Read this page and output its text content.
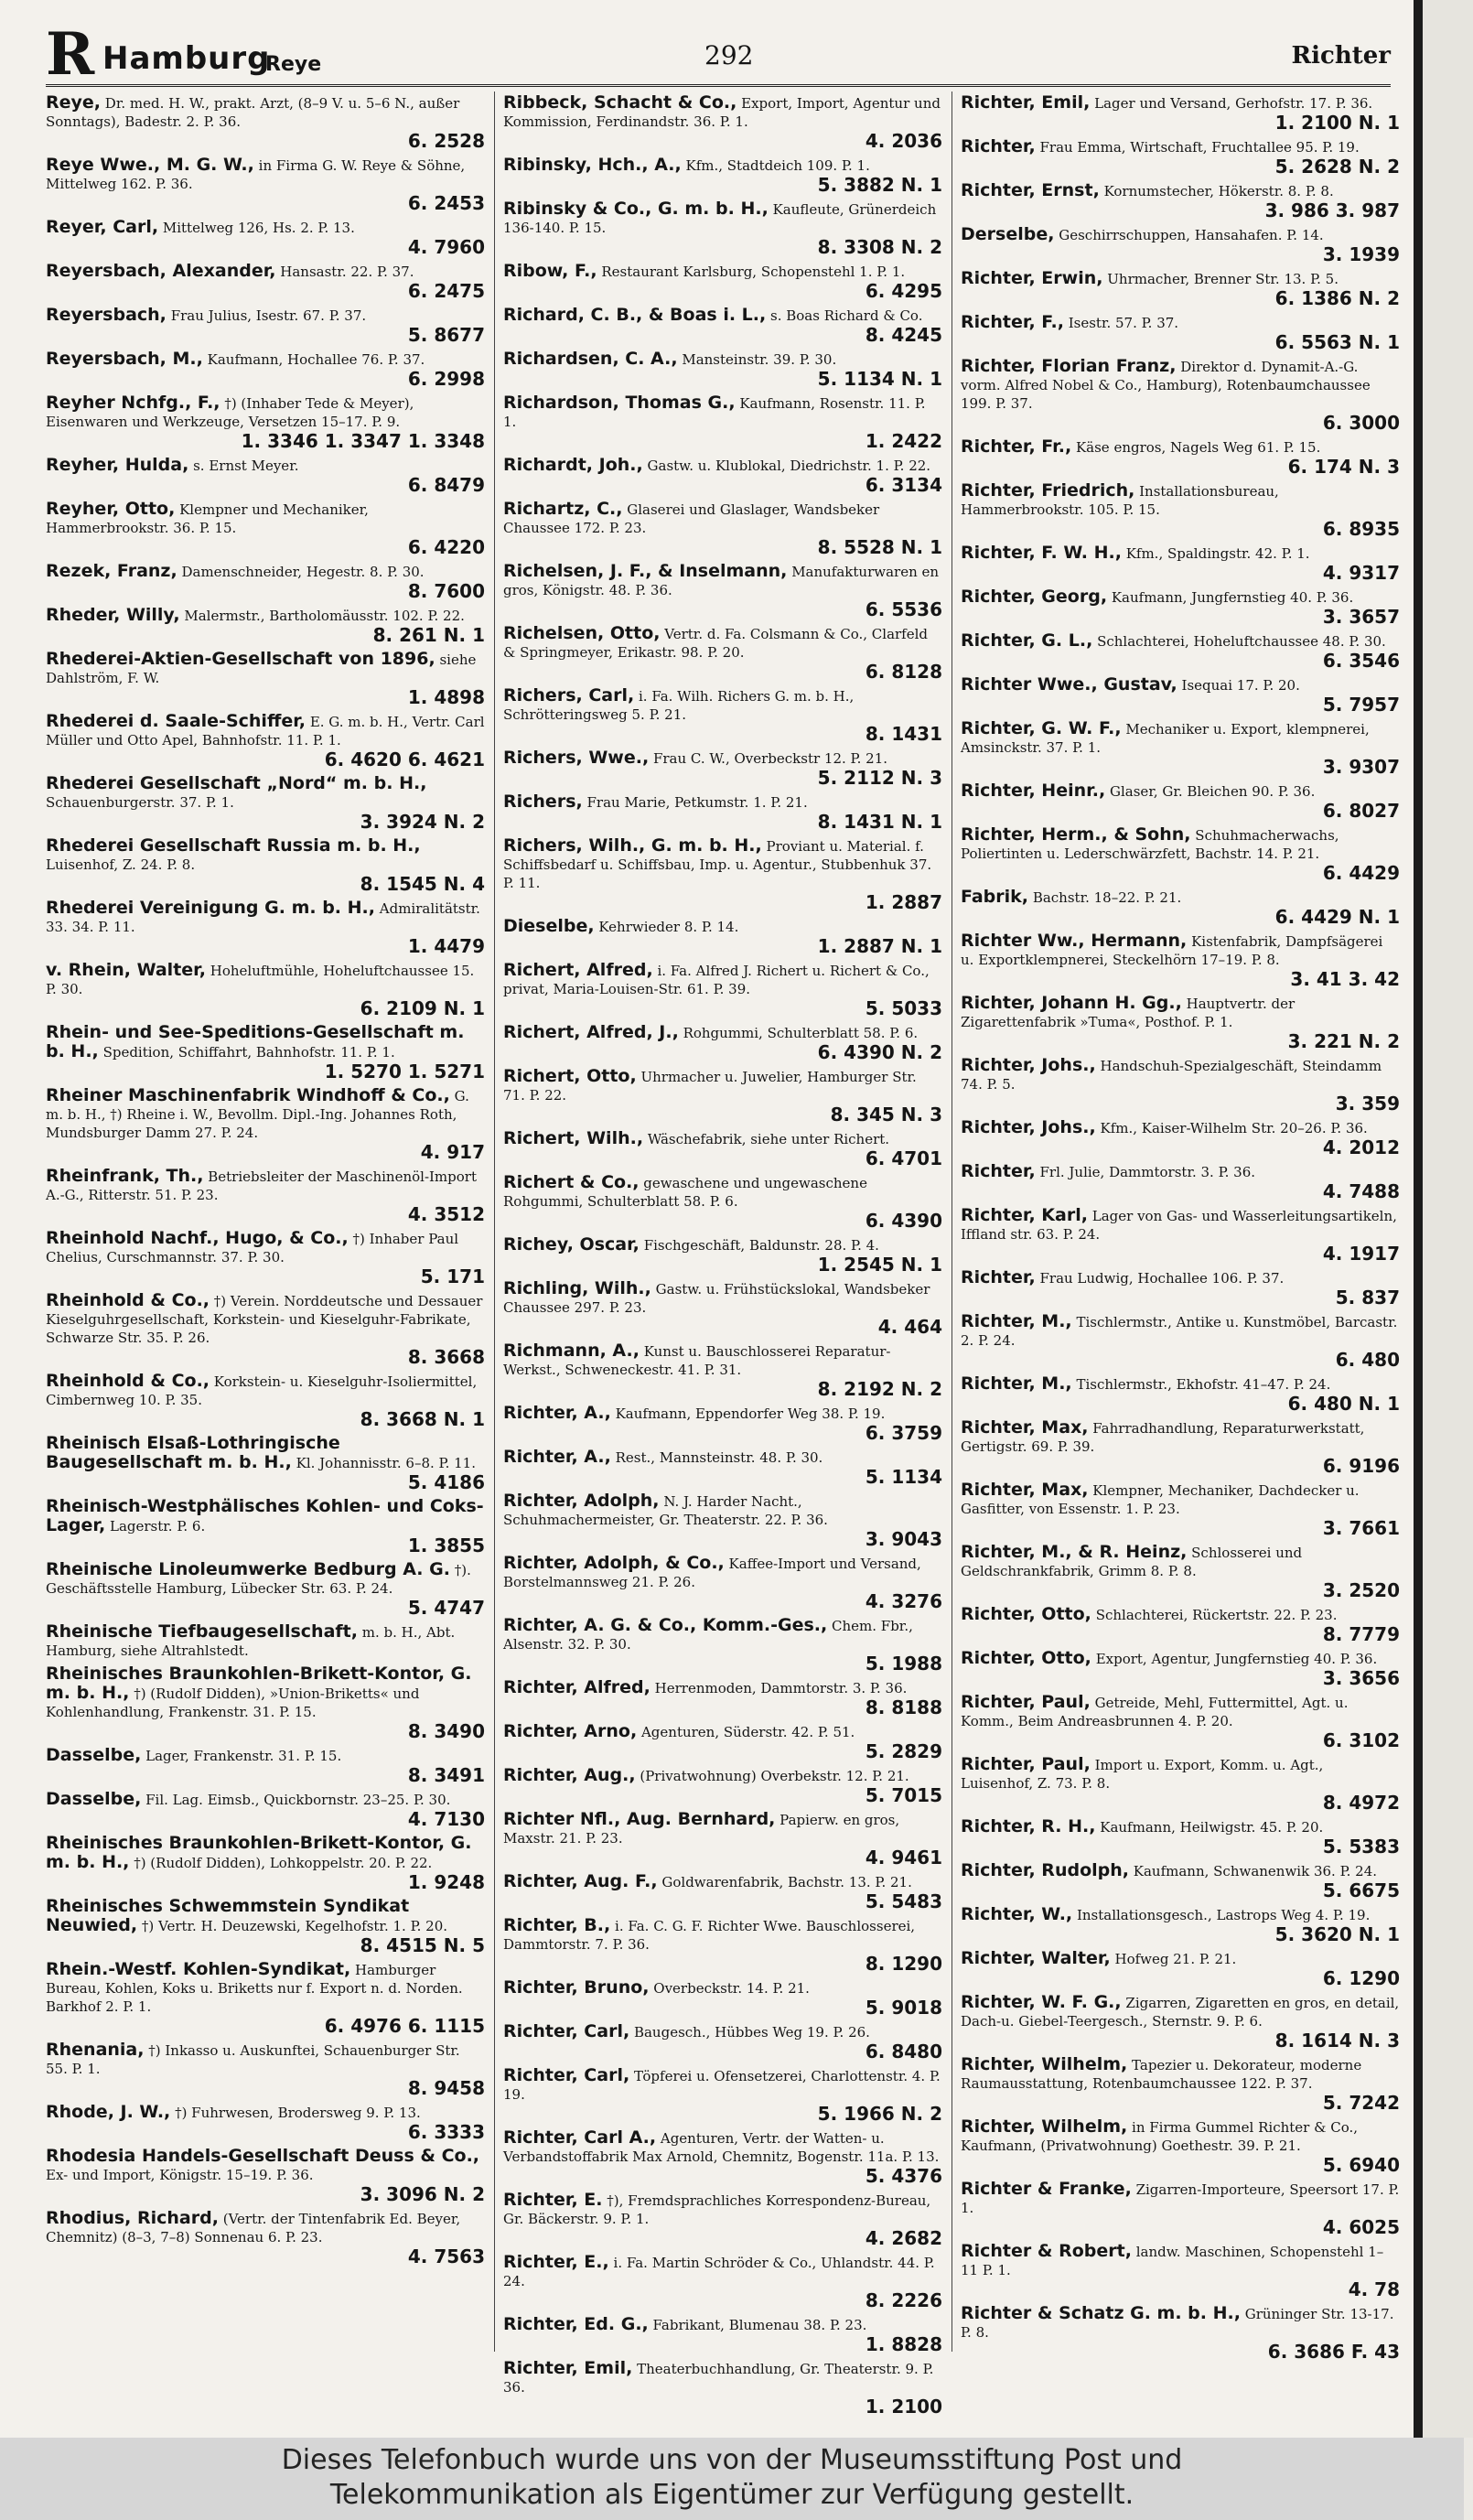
R Hamburg
Reye	292	Richter
Reye, Dr. med. H. W., prakt. Arzt, (8–9 V. u. 5–6 N., außer Sonntags), Badestr. 2. P. 36.
6. 2528
Reye Wwe., M. G. W., in Firma G. W. Reye & Söhne, Mittelweg 162. P. 36.
6. 2453
Reyer, Carl, Mittelweg 126, Hs. 2. P. 13.
4. 7960
Reyersbach, Alexander, Hansastr. 22. P. 37.
6. 2475
Reyersbach, Frau Julius, Isestr. 67. P. 37.
5. 8677
Reyersbach, M., Kaufmann, Hochallee 76. P. 37.
6. 2998
Reyher Nchfg., F., †) (Inhaber Tede & Meyer), Eisenwaren und Werkzeuge, Versetzen 15–17. P. 9.
1. 3346 1. 3347 1. 3348
Reyher, Hulda, s. Ernst Meyer.
6. 8479
Reyher, Otto, Klempner und Mechaniker, Hammerbrookstr. 36. P. 15.
6. 4220
Rezek, Franz, Damenschneider, Hegestr. 8. P. 30.
8. 7600
Rheder, Willy, Malermstr., Bartholomäusstr. 102. P. 22.
8. 261 N. 1
Rhederei-Aktien-Gesellschaft von 1896, siehe Dahlström, F. W.
1. 4898
Rhederei d. Saale-Schiffer, E. G. m. b. H., Vertr. Carl Müller und Otto Apel, Bahnhofstr. 11. P. 1.
6. 4620 6. 4621
Rhederei Gesellschaft „Nord“ m. b. H., Schauenburgerstr. 37. P. 1.
3. 3924 N. 2
Rhederei Gesellschaft Russia m. b. H., Luisenhof, Z. 24. P. 8.
8. 1545 N. 4
Rhederei Vereinigung G. m. b. H., Admiralitätstr. 33. 34. P. 11.
1. 4479
v. Rhein, Walter, Hoheluftmühle, Hoheluftchaussee 15. P. 30.
6. 2109 N. 1
Rhein- und See-Speditions-Gesellschaft m. b. H., Spedition, Schiffahrt, Bahnhofstr. 11. P. 1.
1. 5270 1. 5271
Rheiner Maschinenfabrik Windhoff & Co., G. m. b. H., †) Rheine i. W., Bevollm. Dipl.-Ing. Johannes Roth, Mundsburger Damm 27. P. 24.
4. 917
Rheinfrank, Th., Betriebsleiter der Maschinenöl-Import A.-G., Ritterstr. 51. P. 23.
4. 3512
Rheinhold Nachf., Hugo, & Co., †) Inhaber Paul Chelius, Curschmannstr. 37. P. 30.
5. 171
Rheinhold & Co., †) Verein. Norddeutsche und Dessauer Kieselguhrgesellschaft, Korkstein- und Kieselguhr-Fabrikate, Schwarze Str. 35. P. 26.
8. 3668
Rheinhold & Co., Korkstein- u. Kieselguhr-Isoliermittel, Cimbernweg 10. P. 35.
8. 3668 N. 1
Rheinisch Elsaß-Lothringische Baugesellschaft m. b. H., Kl. Johannisstr. 6–8. P. 11.
5. 4186
Rheinisch-Westphälisches Kohlen- und Coks-Lager, Lagerstr. P. 6.
1. 3855
Rheinische Linoleumwerke Bedburg A. G. †). Geschäftsstelle Hamburg, Lübecker Str. 63. P. 24.
5. 4747
Rheinische Tiefbaugesellschaft, m. b. H., Abt. Hamburg, siehe Altrahlstedt.
Rheinisches Braunkohlen-Brikett-Kontor, G. m. b. H., †) (Rudolf Didden), »Union-Briketts« und Kohlenhandlung, Frankenstr. 31. P. 15.
8. 3490
Dasselbe, Lager, Frankenstr. 31. P. 15.
8. 3491
Dasselbe, Fil. Lag. Eimsb., Quickbornstr. 23–25. P. 30.
4. 7130
Rheinisches Braunkohlen-Brikett-Kontor, G. m. b. H., †) (Rudolf Didden), Lohkoppelstr. 20. P. 22.
1. 9248
Rheinisches Schwemmstein Syndikat Neuwied, †) Vertr. H. Deuzewski, Kegelhofstr. 1. P. 20.
8. 4515 N. 5
Rhein.-Westf. Kohlen-Syndikat, Hamburger Bureau, Kohlen, Koks u. Briketts nur f. Export n. d. Norden. Barkhof 2. P. 1.
6. 4976 6. 1115
Rhenania, †) Inkasso u. Auskunftei, Schauenburger Str. 55. P. 1.
8. 9458
Rhode, J. W., †) Fuhrwesen, Brodersweg 9. P. 13.
6. 3333
Rhodesia Handels-Gesellschaft Deuss & Co., Ex- und Import, Königstr. 15–19. P. 36.
3. 3096 N. 2
Rhodius, Richard, (Vertr. der Tintenfabrik Ed. Beyer, Chemnitz) (8–3, 7–8) Sonnenau 6. P. 23.
4. 7563
Ribbeck, Schacht & Co., Export, Import, Agentur und Kommission, Ferdinandstr. 36. P. 1.
4. 2036
Ribinsky, Hch., A., Kfm., Stadtdeich 109. P. 1.
5. 3882 N. 1
Ribinsky & Co., G. m. b. H., Kaufleute, Grünerdeich 136-140. P. 15.
8. 3308 N. 2
Ribow, F., Restaurant Karlsburg, Schopenstehl 1. P. 1.
6. 4295
Richard, C. B., & Boas i. L., s. Boas Richard & Co.
8. 4245
Richardsen, C. A., Mansteinstr. 39. P. 30.
5. 1134 N. 1
Richardson, Thomas G., Kaufmann, Rosenstr. 11. P. 1.
1. 2422
Richardt, Joh., Gastw. u. Klublokal, Diedrichstr. 1. P. 22.
6. 3134
Richartz, C., Glaserei und Glaslager, Wandsbeker Chaussee 172. P. 23.
8. 5528 N. 1
Richelsen, J. F., & Inselmann, Manufakturwaren en gros, Königstr. 48. P. 36.
6. 5536
Richelsen, Otto, Vertr. d. Fa. Colsmann & Co., Clarfeld & Springmeyer, Erikastr. 98. P. 20.
6. 8128
Richers, Carl, i. Fa. Wilh. Richers G. m. b. H., Schrötteringsweg 5. P. 21.
8. 1431
Richers, Wwe., Frau C. W., Overbeckstr 12. P. 21.
5. 2112 N. 3
Richers, Frau Marie, Petkumstr. 1. P. 21.
8. 1431 N. 1
Richers, Wilh., G. m. b. H., Proviant u. Material. f. Schiffsbedarf u. Schiffsbau, Imp. u. Agentur., Stubbenhuk 37. P. 11.
1. 2887
Dieselbe, Kehrwieder 8. P. 14.
1. 2887 N. 1
Richert, Alfred, i. Fa. Alfred J. Richert u. Richert & Co., privat, Maria-Louisen-Str. 61. P. 39.
5. 5033
Richert, Alfred, J., Rohgummi, Schulterblatt 58. P. 6.
6. 4390 N. 2
Richert, Otto, Uhrmacher u. Juwelier, Hamburger Str. 71. P. 22.
8. 345 N. 3
Richert, Wilh., Wäschefabrik, siehe unter Richert.
6. 4701
Richert & Co., gewaschene und ungewaschene Rohgummi, Schulterblatt 58. P. 6.
6. 4390
Richey, Oscar, Fischgeschäft, Baldunstr. 28. P. 4.
1. 2545 N. 1
Richling, Wilh., Gastw. u. Frühstückslokal, Wandsbeker Chaussee 297. P. 23.
4. 464
Richmann, A., Kunst u. Bauschlosserei Reparatur-Werkst., Schweneckestr. 41. P. 31.
8. 2192 N. 2
Richter, A., Kaufmann, Eppendorfer Weg 38. P. 19.
6. 3759
Richter, A., Rest., Mannsteinstr. 48. P. 30.
5. 1134
Richter, Adolph, N. J. Harder Nacht., Schuhmachermeister, Gr. Theaterstr. 22. P. 36.
3. 9043
Richter, Adolph, & Co., Kaffee-Import und Versand, Borstelmannsweg 21. P. 26.
4. 3276
Richter, A. G. & Co., Komm.-Ges., Chem. Fbr., Alsenstr. 32. P. 30.
5. 1988
Richter, Alfred, Herrenmoden, Dammtorstr. 3. P. 36.
8. 8188
Richter, Arno, Agenturen, Süderstr. 42. P. 51.
5. 2829
Richter, Aug., (Privatwohnung) Overbekstr. 12. P. 21.
5. 7015
Richter Nfl., Aug. Bernhard, Papierw. en gros, Maxstr. 21. P. 23.
4. 9461
Richter, Aug. F., Goldwarenfabrik, Bachstr. 13. P. 21.
5. 5483
Richter, B., i. Fa. C. G. F. Richter Wwe. Bauschlosserei, Dammtorstr. 7. P. 36.
8. 1290
Richter, Bruno, Overbeckstr. 14. P. 21.
5. 9018
Richter, Carl, Baugesch., Hübbes Weg 19. P. 26.
6. 8480
Richter, Carl, Töpferei u. Ofensetzerei, Charlottenstr. 4. P. 19.
5. 1966 N. 2
Richter, Carl A., Agenturen, Vertr. der Watten- u. Verbandstoffabrik Max Arnold, Chemnitz, Bogenstr. 11a. P. 13.
5. 4376
Richter, E. †), Fremdsprachliches Korrespondenz-Bureau, Gr. Bäckerstr. 9. P. 1.
4. 2682
Richter, E., i. Fa. Martin Schröder & Co., Uhlandstr. 44. P. 24.
8. 2226
Richter, Ed. G., Fabrikant, Blumenau 38. P. 23.
1. 8828
Richter, Emil, Theaterbuchhandlung, Gr. Theaterstr. 9. P. 36.
1. 2100
Richter, Emil, Lager und Versand, Gerhofstr. 17. P. 36.
1. 2100 N. 1
Richter, Frau Emma, Wirtschaft, Fruchtallee 95. P. 19.
5. 2628 N. 2
Richter, Ernst, Kornumstecher, Hökerstr. 8. P. 8.
3. 986 3. 987
Derselbe, Geschirrschuppen, Hansahafen. P. 14.
3. 1939
Richter, Erwin, Uhrmacher, Brenner Str. 13. P. 5.
6. 1386 N. 2
Richter, F., Isestr. 57. P. 37.
6. 5563 N. 1
Richter, Florian Franz, Direktor d. Dynamit-A.-G. vorm. Alfred Nobel & Co., Hamburg), Rotenbaumchaussee 199. P. 37.
6. 3000
Richter, Fr., Käse engros, Nagels Weg 61. P. 15.
6. 174 N. 3
Richter, Friedrich, Installationsbureau, Hammerbrookstr. 105. P. 15.
6. 8935
Richter, F. W. H., Kfm., Spaldingstr. 42. P. 1.
4. 9317
Richter, Georg, Kaufmann, Jungfernstieg 40. P. 36.
3. 3657
Richter, G. L., Schlachterei, Hoheluftchaussee 48. P. 30.
6. 3546
Richter Wwe., Gustav, Isequai 17. P. 20.
5. 7957
Richter, G. W. F., Mechaniker u. Export, klempnerei, Amsinckstr. 37. P. 1.
3. 9307
Richter, Heinr., Glaser, Gr. Bleichen 90. P. 36.
6. 8027
Richter, Herm., & Sohn, Schuhmacherwachs, Poliertinten u. Lederschwärzfett, Bachstr. 14. P. 21.
6. 4429
Fabrik, Bachstr. 18–22. P. 21.
6. 4429 N. 1
Richter Ww., Hermann, Kistenfabrik, Dampfsägerei u. Exportklempnerei, Steckelhörn 17–19. P. 8.
3. 41 3. 42
Richter, Johann H. Gg., Hauptvertr. der Zigarettenfabrik »Tuma«, Posthof. P. 1.
3. 221 N. 2
Richter, Johs., Handschuh-Spezialgeschäft, Steindamm 74. P. 5.
3. 359
Richter, Johs., Kfm., Kaiser-Wilhelm Str. 20–26. P. 36.
4. 2012
Richter, Frl. Julie, Dammtorstr. 3. P. 36.
4. 7488
Richter, Karl, Lager von Gas- und Wasserleitungsartikeln, Iffland str. 63. P. 24.
4. 1917
Richter, Frau Ludwig, Hochallee 106. P. 37.
5. 837
Richter, M., Tischlermstr., Antike u. Kunstmöbel, Barcastr. 2. P. 24.
6. 480
Richter, M., Tischlermstr., Ekhofstr. 41–47. P. 24.
6. 480 N. 1
Richter, Max, Fahrradhandlung, Reparaturwerkstatt, Gertigstr. 69. P. 39.
6. 9196
Richter, Max, Klempner, Mechaniker, Dachdecker u. Gasfitter, von Essenstr. 1. P. 23.
3. 7661
Richter, M., & R. Heinz, Schlosserei und Geldschrankfabrik, Grimm 8. P. 8.
3. 2520
Richter, Otto, Schlachterei, Rückertstr. 22. P. 23.
8. 7779
Richter, Otto, Export, Agentur, Jungfernstieg 40. P. 36.
3. 3656
Richter, Paul, Getreide, Mehl, Futtermittel, Agt. u. Komm., Beim Andreasbrunnen 4. P. 20.
6. 3102
Richter, Paul, Import u. Export, Komm. u. Agt., Luisenhof, Z. 73. P. 8.
8. 4972
Richter, R. H., Kaufmann, Heilwigstr. 45. P. 20.
5. 5383
Richter, Rudolph, Kaufmann, Schwanenwik 36. P. 24.
5. 6675
Richter, W., Installationsgesch., Lastrops Weg 4. P. 19.
5. 3620 N. 1
Richter, Walter, Hofweg 21. P. 21.
6. 1290
Richter, W. F. G., Zigarren, Zigaretten en gros, en detail, Dach-u. Giebel-Teergesch., Sternstr. 9. P. 6.
8. 1614 N. 3
Richter, Wilhelm, Tapezier u. Dekorateur, moderne Raumausstattung, Rotenbaumchaussee 122. P. 37.
5. 7242
Richter, Wilhelm, in Firma Gummel Richter & Co., Kaufmann, (Privatwohnung) Goethestr. 39. P. 21.
5. 6940
Richter & Franke, Zigarren-Importeure, Speersort 17. P. 1.
4. 6025
Richter & Robert, landw. Maschinen, Schopenstehl 1–11 P. 1.
4. 78
Richter & Schatz G. m. b. H., Grüninger Str. 13-17. P. 8.
6. 3686 F. 43
Dieses Telefonbuch wurde uns von der Museumsstiftung Post und
Telekommunikation als Eigentümer zur Verfügung gestellt.
